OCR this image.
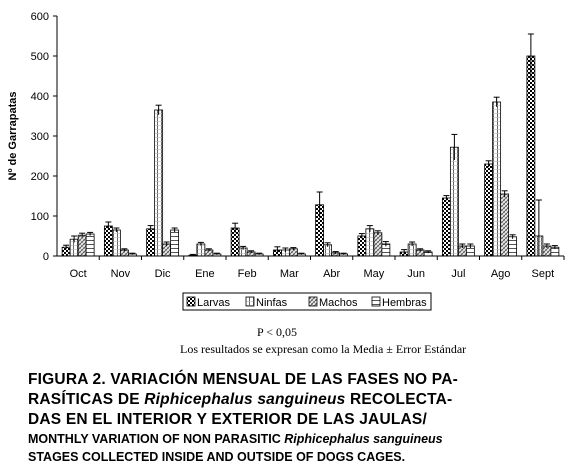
Nº de Garrapatas
0
100
200
300
400
500
600
Oct Nov Dic Ene Feb Mar Abr May Jun Jul Ago Sept
Larvas Ninfas	Machos Hembras
P < 0,05
Los resultados se expresan como la Media ± Error Estándar
FIGURA 2. VARIACIÓN MENSUAL DE LAS FASES NO PA-
RASÍTICAS DE Riphicephalus sanguineus RECOLECTA-
DAS EN EL INTERIOR Y EXTERIOR DE LAS JAULAS/
MONTHLY VARIATION OF NON PARASITIC Riphicephalus sanguineus
STAGES COLLECTED INSIDE AND OUTSIDE OF DOGS CAGES.
